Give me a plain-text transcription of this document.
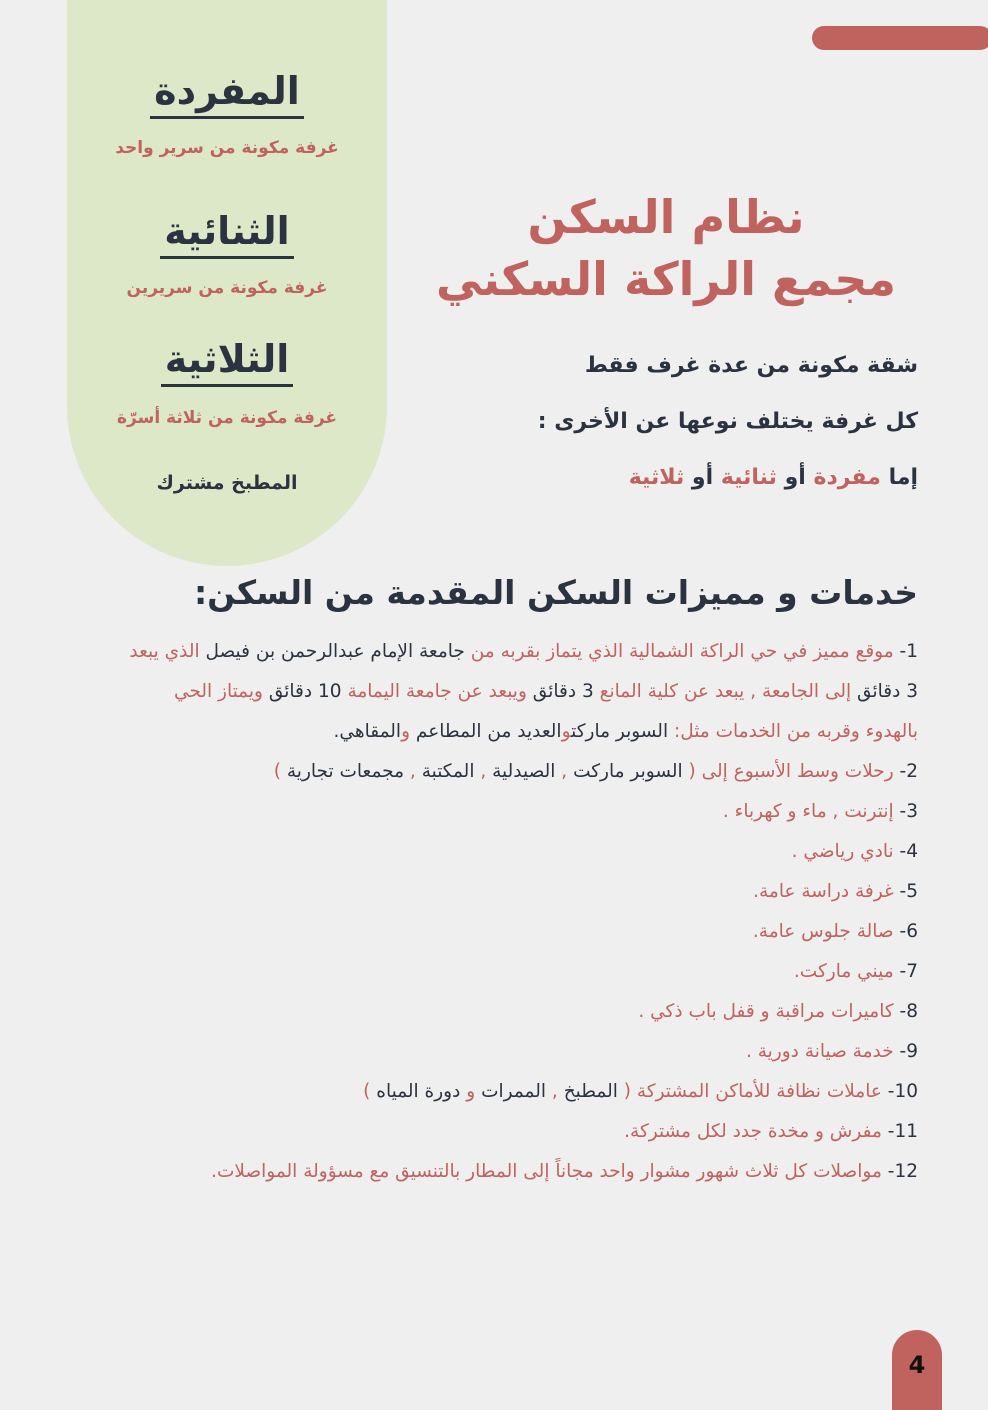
المفردة
غرفة مكونة من سرير واحد
الثنائية
غرفة مكونة من سريرين
الثلاثية
غرفة مكونة من ثلاثة أسرّة
المطبخ مشترك
نظام السكن
مجمع الراكة السكني
شقة مكونة من عدة غرف فقط
كل غرفة يختلف نوعها عن الأخرى :
إما مفردة أو ثنائية أو ثلاثية
خدمات و مميزات السكن المقدمة من السكن:

1- موقع مميز في حي الراكة الشمالية الذي يتماز بقربه من جامعة الإمام عبدالرحمن بن فيصل الذي يبعد 3 دقائق إلى الجامعة , يبعد عن كلية المانع 3 دقائق ويبعد عن جامعة اليمامة 10 دقائق ويمتاز الحي بالهدوء وقربه من الخدمات مثل: السوبر ماركتوالعديد من المطاعم والمقاهي.

2- رحلات وسط الأسبوع إلى ( السوبر ماركت , الصيدلية , المكتبة , مجمعات تجارية )

3- إنترنت , ماء و كهرباء .

4- نادي رياضي .

5- غرفة دراسة عامة.

6- صالة جلوس عامة.

7- ميني ماركت.

8- كاميرات مراقبة و قفل باب ذكي .

9- خدمة صيانة دورية .

10- عاملات نظافة للأماكن المشتركة ( المطبخ , الممرات و دورة المياه )

11- مفرش و مخدة جدد لكل مشتركة.

12- مواصلات كل ثلاث شهور مشوار واحد مجاناً إلى المطار بالتنسيق مع مسؤولة المواصلات.

4
